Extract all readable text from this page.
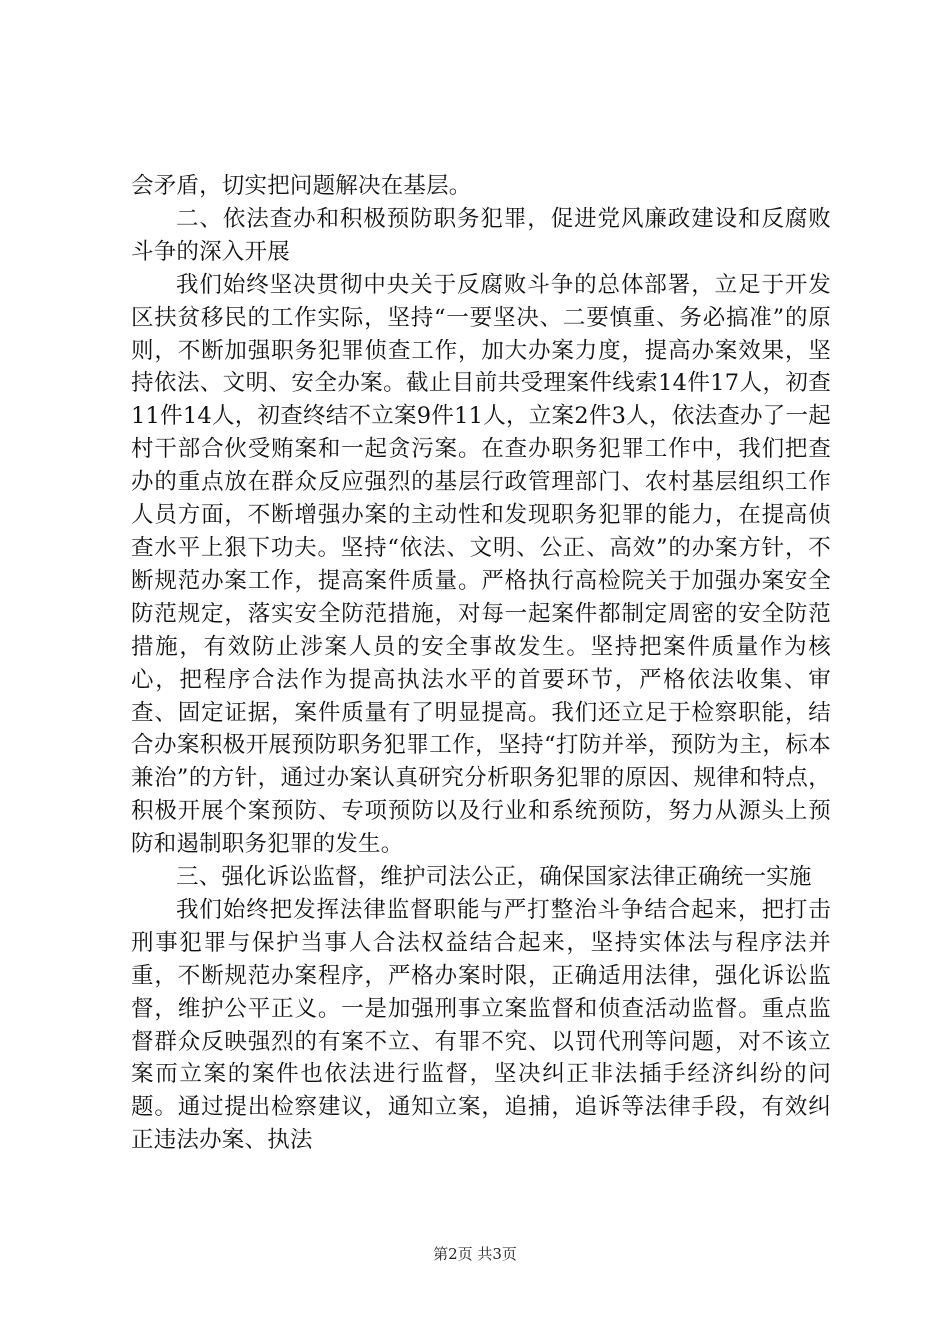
会矛盾，切实把问题解决在基层。

二、依法查办和积极预防职务犯罪，促进党风廉政建设和反腐败斗争的深入开展

我们始终坚决贯彻中央关于反腐败斗争的总体部署，立足于开发区扶贫移民的工作实际，坚持“一要坚决、二要慎重、务必搞准”的原则，不断加强职务犯罪侦查工作，加大办案力度，提高办案效果，坚持依法、文明、安全办案。截止目前共受理案件线索14件17人，初查11件14人，初查终结不立案9件11人，立案2件3人，依法查办了一起村干部合伙受贿案和一起贪污案。在查办职务犯罪工作中，我们把查办的重点放在群众反应强烈的基层行政管理部门、农村基层组织工作人员方面，不断增强办案的主动性和发现职务犯罪的能力，在提高侦查水平上狠下功夫。坚持“依法、文明、公正、高效”的办案方针，不断规范办案工作，提高案件质量。严格执行高检院关于加强办案安全防范规定，落实安全防范措施，对每一起案件都制定周密的安全防范措施，有效防止涉案人员的安全事故发生。坚持把案件质量作为核心，把程序合法作为提高执法水平的首要环节，严格依法收集、审查、固定证据，案件质量有了明显提高。我们还立足于检察职能，结合办案积极开展预防职务犯罪工作，坚持“打防并举，预防为主，标本兼治”的方针，通过办案认真研究分析职务犯罪的原因、规律和特点，积极开展个案预防、专项预防以及行业和系统预防，努力从源头上预防和遏制职务犯罪的发生。

三、强化诉讼监督，维护司法公正，确保国家法律正确统一实施

我们始终把发挥法律监督职能与严打整治斗争结合起来，把打击刑事犯罪与保护当事人合法权益结合起来，坚持实体法与程序法并重，不断规范办案程序，严格办案时限，正确适用法律，强化诉讼监督，维护公平正义。一是加强刑事立案监督和侦查活动监督。重点监督群众反映强烈的有案不立、有罪不究、以罚代刑等问题，对不该立案而立案的案件也依法进行监督，坚决纠正非法插手经济纠纷的问题。通过提出检察建议，通知立案，追捕，追诉等法律手段，有效纠正违法办案、执法

第2页 共3页
